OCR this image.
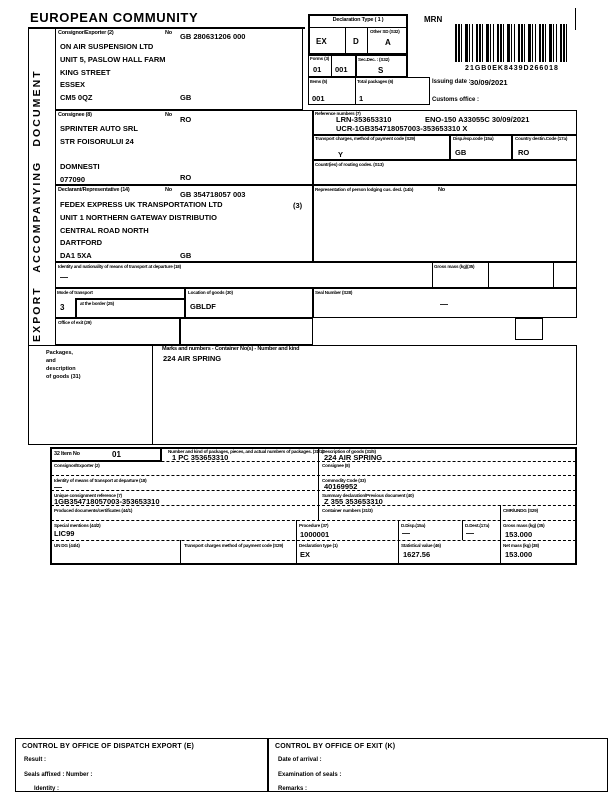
EUROPEAN COMMUNITY
EXPORT ACCOMPANYING DOCUMENT
Consignor/Exporter (2)	No GB 280631206 000
ON AIR SUSPENSION LTD
UNIT 5, PASLOW HALL FARM
KING STREET
ESSEX
CM5 0QZ	GB
Declaration Type ( 1 )
EX	D
Other SD (S32)
A
Forms (3)
01 001
Sec.Dec. : (S32)
S
Items (5)
001
Total packages (6)
1
MRN
21GB0EK8439D266018
Issuing date : 30/09/2021
Customs office :
Consignee (8)	No RO
SPRINTER AUTO SRL
STR FOISORULUI 24
DOMNESTI
077090	RO
Reference numbers (7)
LRN-353653310	ENO-150 A33055C 30/09/2021
UCR-1GB354718057003-353653310 X
Transport charges, method of payment code (S29)
Y
Disp./exp.code (15a)
GB
Country destin.Code (17a)
RO
Countr(ies) of routing codes. (S13)
Declarant/Representative (14)	No GB 354718057 003
FEDEX EXPRESS UK TRANSPORTATION LTD
UNIT 1 NORTHERN GATEWAY DISTRIBUTIO
CENTRAL ROAD NORTH
DARTFORD
DA1 5XA
(3)
GB
Representation of person lodging cus. decl. (14b)	No
Identity and nationality of means of transport at departure (18)
—
Gross mass (kg)(35)
Mode of transport
3	at the border (25)
Location of goods (30)
GBLDF
Seal Number (S28)
—
Office of exit (29)
Packages,
and
description
of goods (31)
Marks and numbers - Container No(s) - Number and kind
224 AIR SPRING
32 Item No	01	Number and kind of packages, pieces, and actual numbers of packages. (31/1)
1 PC 353653310
Description of goods (31/5)
224 AIR SPRING
Consignor/Exporter (2)	Consignee (8)
Identity of means of transport at departure (18)
—
Commodity Code (33)
40169952
Unique consignment reference (7)
1GB354718057003-353653310
Summary declaration/Previous document (40)
Z 355 353653310
Produced documents/certificates (44/1)	Container numbers (31/3)	CMR/UNDG (S29)
Special mentions (44/2)
LIC99
Procedure (37)
1000001
D.Disp.(15a)
—
D.Dest.(17a)
—
Gross mass (kg) (35)
153.000
UN DG (44/4)	Transport charges method of payment code (S29)	Declaration type (1)
EX
Statistical value (46)
1627.56
Net mass (kg) (38)
153.000
CONTROL BY OFFICE OF DISPATCH EXPORT (E)
Result :
Seals affixed : Number :
Identity :
CONTROL BY OFFICE OF EXIT (K)
Date of arrival :
Examination of seals :
Remarks :
